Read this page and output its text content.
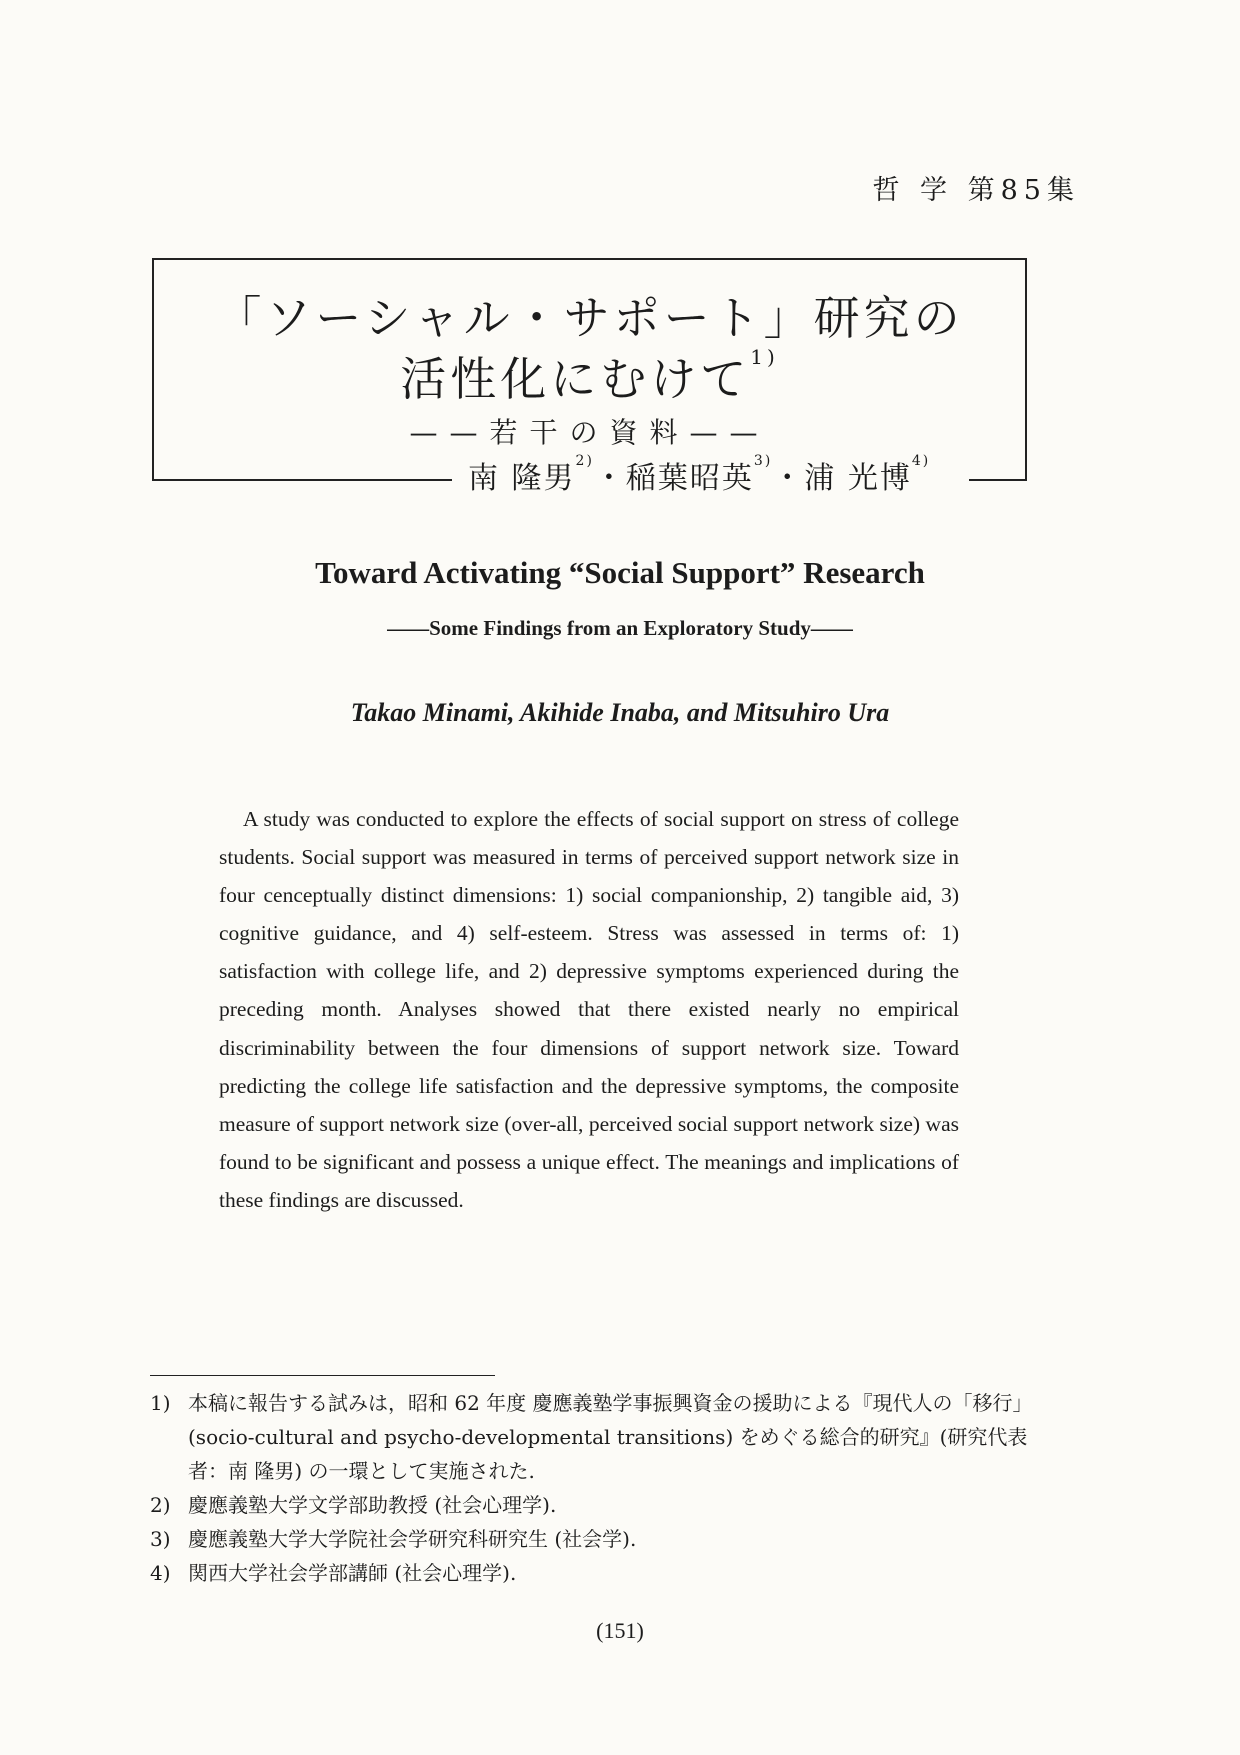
哲 学 第85集
「ソーシャル・サポート」研究の
活性化にむけて$^{1)}$
——若干の資料——
南 隆男$^{2)}$・稲葉昭英$^{3)}$・浦 光博$^{4)}$
Toward Activating “Social Support” Research
——Some Findings from an Exploratory Study——
Takao Minami, Akihide Inaba, and Mitsuhiro Ura
A study was conducted to explore the effects of social support on stress of college students. Social support was measured in terms of perceived support network size in four cenceptually distinct dimensions: 1) social companionship, 2) tangible aid, 3) cognitive guidance, and 4) self-esteem. Stress was assessed in terms of: 1) satisfaction with college life, and 2) depressive symptoms experienced during the preceding month. Analyses showed that there existed nearly no empirical discriminability between the four dimensions of support network size. Toward predicting the college life satisfaction and the depressive symptoms, the composite measure of support network size (over-all, perceived social support network size) was found to be significant and possess a unique effect. The meanings and implications of these findings are discussed.
1) 本稿に報告する試みは，昭和 62 年度 慶應義塾学事振興資金の援助による『現代人の「移行」(socio-cultural and psycho-developmental transitions) をめぐる総合的研究』(研究代表者：南 隆男) の一環として実施された.
2) 慶應義塾大学文学部助教授 (社会心理学).
3) 慶應義塾大学大学院社会学研究科研究生 (社会学).
4) 関西大学社会学部講師 (社会心理学).
(151)
